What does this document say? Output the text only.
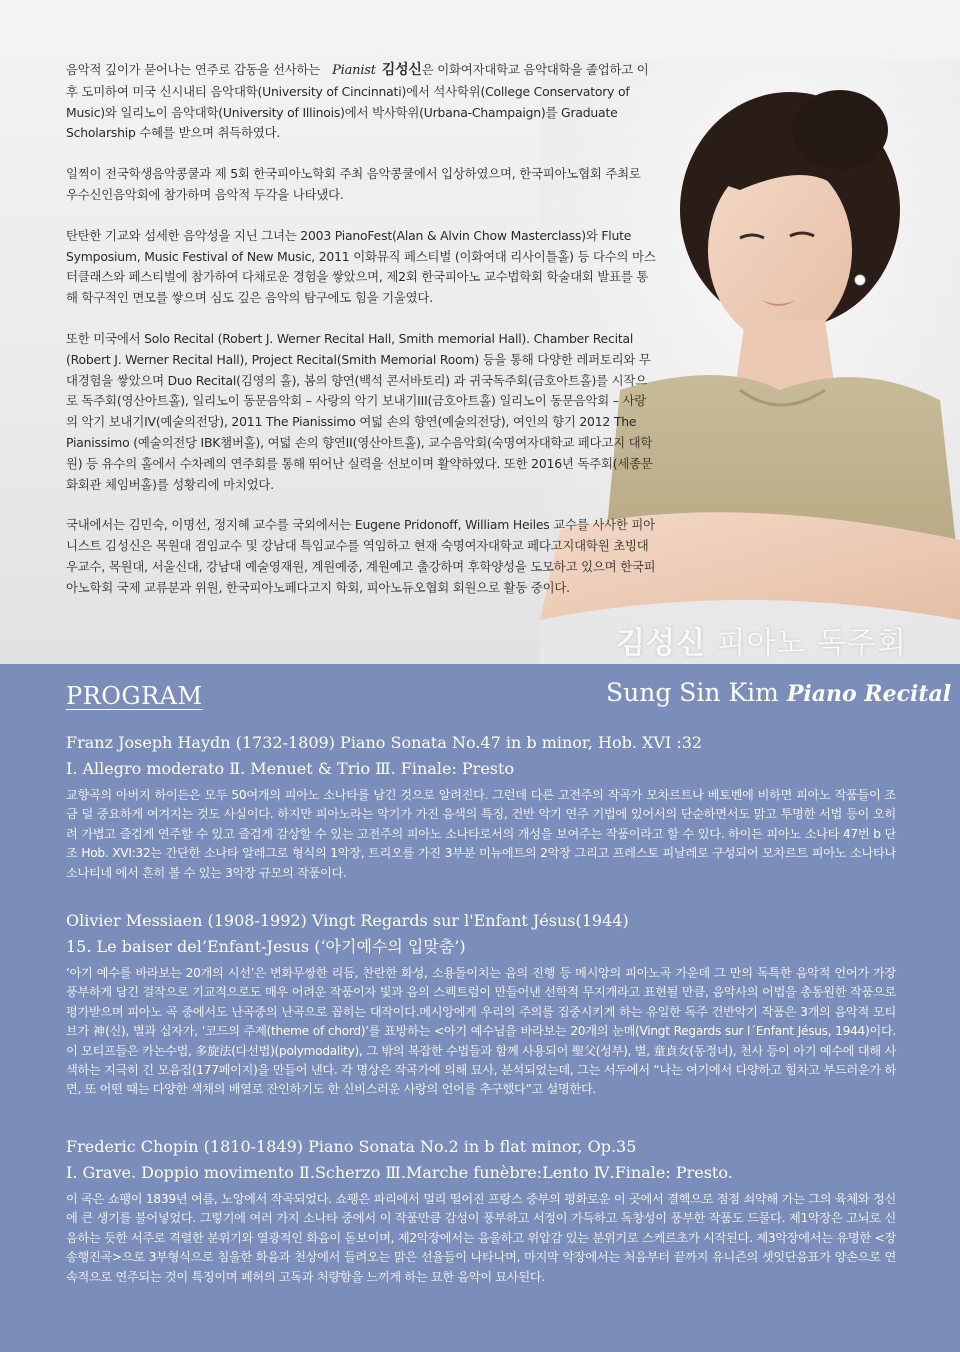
음악적 깊이가 묻어나는 연주로 감동을 선사하는 Pianist 김성신은 이화여자대학교 음악대학을 졸업하고 이후 도미하여 미국 신시내티 음악대학(University of Cincinnati)에서 석사학위(College Conservatory of Music)와 일리노이 음악대학(University of Illinois)에서 박사학위(Urbana-Champaign)를 Graduate Scholarship 수혜를 받으며 취득하였다.

일찍이 전국학생음악콩쿨과 제 5회 한국피아노학회 주최 음악콩쿨에서 입상하였으며, 한국피아노협회 주최로 우수신인음악회에 참가하며 음악적 두각을 나타냈다.

탄탄한 기교와 섬세한 음악성을 지닌 그녀는 2003 PianoFest(Alan & Alvin Chow Masterclass)와 Flute Symposium, Music Festival of New Music, 2011 이화뮤직 페스티벌 (이화여대 리사이틀홀) 등 다수의 마스터클래스와 페스티벌에 참가하여 다채로운 경험을 쌓았으며, 제2회 한국피아노 교수법학회 학술대회 발표를 통해 학구적인 면모를 쌓으며 심도 깊은 음악의 탐구에도 힘을 기울였다.

또한 미국에서 Solo Recital (Robert J. Werner Recital Hall, Smith memorial Hall). Chamber Recital (Robert J. Werner Recital Hall), Project Recital(Smith Memorial Room) 등을 통해 다양한 레퍼토리와 무대경험을 쌓았으며 Duo Recital(김영의 홀), 봄의 향연(백석 콘서바토리) 과 귀국독주회(금호아트홀)를 시작으로 독주회(영산아트홀), 일리노이 동문음악회 – 사랑의 악기 보내기III(금호아트홀) 일리노이 동문음악회 – 사랑의 악기 보내기IV(예술의전당), 2011 The Pianissimo 여덟 손의 향연(예술의전당), 여인의 향기 2012 The Pianissimo (예술의전당 IBK챔버홀), 여덟 손의 향연II(영산아트홀), 교수음악회(숙명여자대학교 페다고지 대학원) 등 유수의 홀에서 수차례의 연주회를 통해 뛰어난 실력을 선보이며 활약하였다. 또한 2016년 독주회(세종문화회관 체임버홀)를 성황리에 마치었다.

국내에서는 김민숙, 이명선, 정지혜 교수를 국외에서는 Eugene Pridonoff, William Heiles 교수를 사사한 피아니스트 김성신은 목원대 겸임교수 및 강남대 특임교수를 역임하고 현재 숙명여자대학교 페다고지대학원 초빙대우교수, 목원대, 서울신대, 강남대 예술영재원, 계원예중, 계원예고 출강하며 후학양성을 도모하고 있으며 한국피아노학회 국제 교류분과 위원, 한국피아노페다고지 학회, 피아노듀오협회 회원으로 활동 중이다.

김성신 피아노 독주회
PROGRAM	Sung Sin Kim Piano Recital
Franz Joseph Haydn (1732-1809) Piano Sonata No.47 in b minor, Hob. XVI :32
Ⅰ. Allegro moderato Ⅱ. Menuet & Trio Ⅲ. Finale: Presto
교향곡의 아버지 하이든은 모두 50여개의 피아노 소나타를 남긴 것으로 알려진다. 그런데 다른 고전주의 작곡가 모차르트나 베토벤에 비하면 피아노 작품들이 조금 덜 중요하게 여겨지는 것도 사실이다. 하지만 피아노라는 악기가 가진 음색의 특징, 건반 악기 연주 기법에 있어서의 단순하면서도 맑고 투명한 서법 등이 오히려 가볍고 즐겁게 연주할 수 있고 즐겁게 감상할 수 있는 고전주의 피아노 소나타로서의 개성을 보여주는 작품이라고 할 수 있다. 하이든 피아노 소나타 47번 b 단조 Hob. XVI:32는 간단한 소나타 알레그로 형식의 1악장, 트리오를 가진 3부분 미뉴에트의 2악장 그리고 프레스토 피날레로 구성되어 모차르트 피아노 소나타나 소나티네 에서 흔히 볼 수 있는 3악장 규모의 작품이다.
Olivier Messiaen (1908-1992) Vingt Regards sur l'Enfant Jésus(1944)
15. Le baiser del’Enfant-Jesus (‘아기예수의 입맞춤’)
‘아기 예수를 바라보는 20개의 시선’은 변화무쌍한 리듬, 찬란한 화성, 소용돌이치는 음의 진행 등 메시앙의 피아노곡 가운데 그 만의 독특한 음악적 언어가 가장 풍부하게 담긴 걸작으로 기교적으로도 매우 어려운 작품이자 빛과 음의 스펙트럼이 만들어낸 선학적 무지개라고 표현될 만큼, 음악사의 어법을 총동원한 작품으로 평가받으며 피아노 곡 중에서도 난곡중의 난곡으로 꼽히는 대작이다.메시앙에게 우리의 주의를 집중시키게 하는 유일한 독주 건반악기 작품은 3개의 음악적 모티브가 神(신), 별과 십자가, ‘코드의 주제(theme of chord)’를 표방하는 <아기 예수님을 바라보는 20개의 눈매(Vingt Regards sur l´Enfant Jésus, 1944)이다. 이 모티프들은 카논수법, 多旋法(다선법)(polymodality), 그 밖의 복잡한 수법들과 함께 사용되어 聖父(성부), 별, 童貞女(동정녀), 천사 등이 아기 예수에 대해 사색하는 지극히 긴 모음집(177페이지)을 만들어 낸다. 각 명상은 작곡가에 의해 묘사, 분석되었는데, 그는 서두에서 “나는 여기에서 다양하고 힘차고 부드러운가 하면, 또 어떤 때는 다양한 색채의 배열로 잔인하기도 한 신비스러운 사랑의 언어를 추구했다”고 설명한다.
Frederic Chopin (1810-1849) Piano Sonata No.2 in b flat minor, Op.35
Ⅰ. Grave. Doppio movimento Ⅱ.Scherzo Ⅲ.Marche funèbre:Lento Ⅳ.Finale: Presto.
이 곡은 쇼팽이 1839년 여름, 노앙에서 작곡되었다. 쇼팽은 파리에서 멀리 떨어진 프랑스 중부의 평화로운 이 곳에서 결핵으로 점점 쇠약해 가는 그의 육체와 정신에 큰 생기를 불어넣었다. 그렇기에 여러 가지 소나타 중에서 이 작품만큼 감성이 풍부하고 서정이 가득하고 독창성이 풍부한 작품도 드물다. 제1악장은 고뇌로 신음하는 듯한 서주로 격렬한 분위기와 열광적인 화음이 돋보이며, 제2악장에서는 음울하고 위압감 있는 분위기로 스케르초가 시작된다. 제3악장에서는 유명한 <장송행진곡>으로 3부형식으로 침울한 화음과 천상에서 들려오는 맑은 선율들이 나타나며, 마지막 악장에서는 처음부터 끝까지 유니즌의 셋잇단음표가 양손으로 연속적으로 연주되는 것이 특징이며 폐허의 고독과 처량함을 느끼게 하는 묘한 음악이 묘사된다.
